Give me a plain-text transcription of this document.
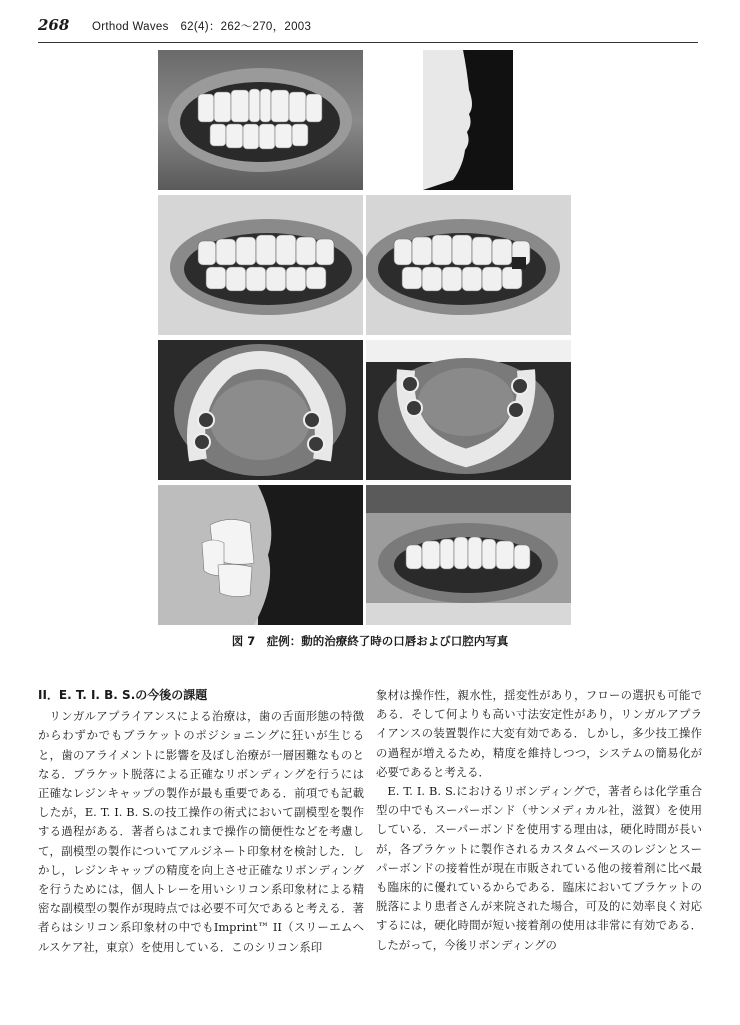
268 Orthod Waves　62(4)：262～270，2003
図 7　 症例：動的治療終了時の口唇および口腔内写真
II．E. T. I. B. S.の今後の課題

リンガルアプライアンスによる治療は，歯の舌面形態の特徴からわずかでもブラケットのポジショニングに狂いが生じると，歯のアライメントに影響を及ぼし治療が一層困難なものとなる．ブラケット脱落による正確なリボンディングを行うには正確なレジンキャップの製作が最も重要である．前項でも記載したが，E. T. I. B. S.の技工操作の術式において副模型を製作する過程がある．著者らはこれまで操作の簡便性などを考慮して，副模型の製作についてアルジネート印象材を検討した．しかし，レジンキャップの精度を向上させ正確なリボンディングを行うためには，個人トレーを用いシリコン系印象材による精密な副模型の製作が現時点では必要不可欠であると考える．著者らはシリコン系印象材の中でもImprint™ II（スリーエムヘルスケア社，東京）を使用している．このシリコン系印

象材は操作性，親水性，揺変性があり，フローの選択も可能である．そして何よりも高い寸法安定性があり，リンガルアプライアンスの装置製作に大変有効である．しかし，多少技工操作の過程が増えるため，精度を維持しつつ，システムの簡易化が必要であると考える．

E. T. I. B. S.におけるリボンディングで，著者らは化学重合型の中でもスーパーボンド（サンメディカル社，滋賀）を使用している．スーパーボンドを使用する理由は，硬化時間が長いが，各ブラケットに製作されるカスタムベースのレジンとスーパーボンドの接着性が現在市販されている他の接着剤に比べ最も臨床的に優れているからである．臨床においてブラケットの脱落により患者さんが来院された場合，可及的に効率良く対応するには，硬化時間が短い接着剤の使用は非常に有効である．したがって，今後リボンディングの
